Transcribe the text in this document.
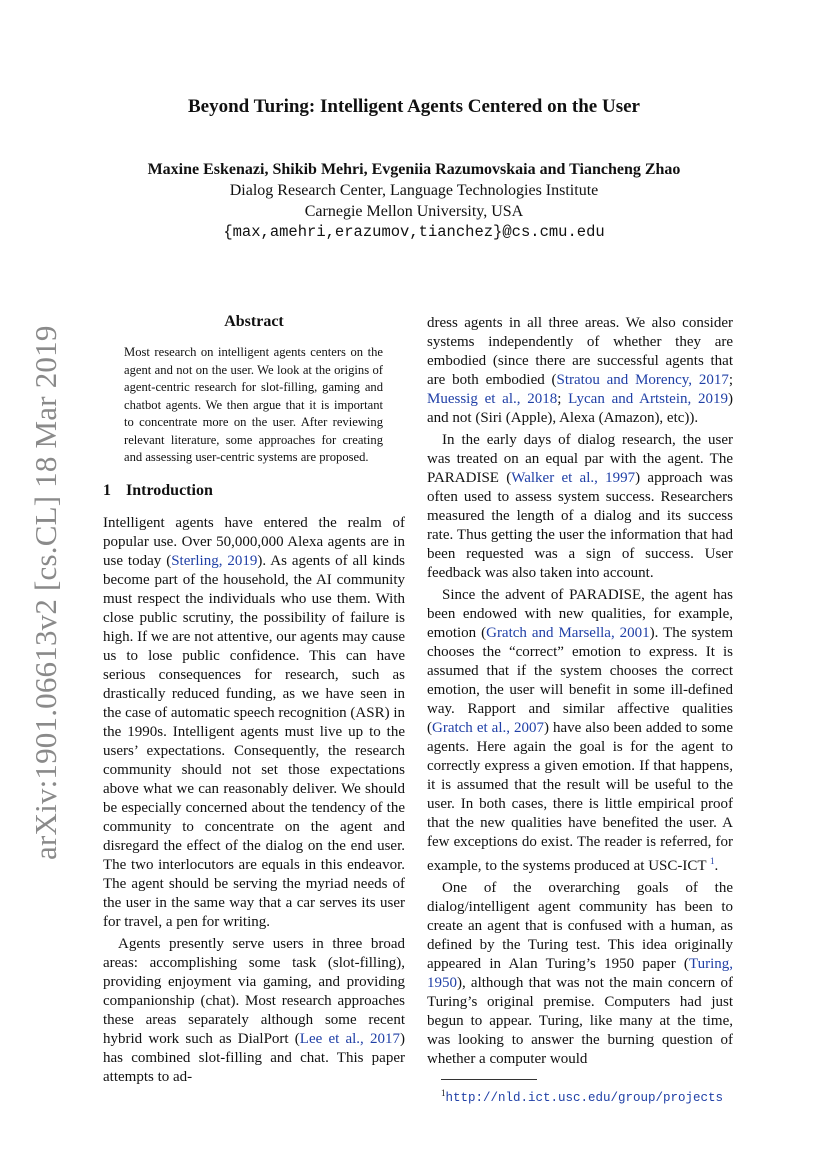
arXiv:1901.06613v2 [cs.CL] 18 Mar 2019
Beyond Turing: Intelligent Agents Centered on the User
Maxine Eskenazi, Shikib Mehri, Evgeniia Razumovskaia and Tiancheng Zhao
Dialog Research Center, Language Technologies Institute
Carnegie Mellon University, USA
{max,amehri,erazumov,tianchez}@cs.cmu.edu
Abstract
Most research on intelligent agents centers on the agent and not on the user. We look at the origins of agent-centric research for slot-filling, gaming and chatbot agents. We then argue that it is important to concentrate more on the user. After reviewing relevant literature, some approaches for creating and assessing user-centric systems are proposed.
1 Introduction

Intelligent agents have entered the realm of popular use. Over 50,000,000 Alexa agents are in use today (Sterling, 2019). As agents of all kinds become part of the household, the AI community must respect the individuals who use them. With close public scrutiny, the possibility of failure is high. If we are not attentive, our agents may cause us to lose public confidence. This can have serious consequences for research, such as drastically reduced funding, as we have seen in the case of automatic speech recognition (ASR) in the 1990s. Intelligent agents must live up to the users’ expectations. Consequently, the research community should not set those expectations above what we can reasonably deliver. We should be especially concerned about the tendency of the community to concentrate on the agent and disregard the effect of the dialog on the end user. The two interlocutors are equals in this endeavor. The agent should be serving the myriad needs of the user in the same way that a car serves its user for travel, a pen for writing.

Agents presently serve users in three broad areas: accomplishing some task (slot-filling), providing enjoyment via gaming, and providing companionship (chat). Most research approaches these areas separately although some recent hybrid work such as DialPort (Lee et al., 2017) has combined slot-filling and chat. This paper attempts to ad-

dress agents in all three areas. We also consider systems independently of whether they are embodied (since there are successful agents that are both embodied (Stratou and Morency, 2017; Muessig et al., 2018; Lycan and Artstein, 2019) and not (Siri (Apple), Alexa (Amazon), etc)).

In the early days of dialog research, the user was treated on an equal par with the agent. The PARADISE (Walker et al., 1997) approach was often used to assess system success. Researchers measured the length of a dialog and its success rate. Thus getting the user the information that had been requested was a sign of success. User feedback was also taken into account.

Since the advent of PARADISE, the agent has been endowed with new qualities, for example, emotion (Gratch and Marsella, 2001). The system chooses the “correct” emotion to express. It is assumed that if the system chooses the correct emotion, the user will benefit in some ill-defined way. Rapport and similar affective qualities (Gratch et al., 2007) have also been added to some agents. Here again the goal is for the agent to correctly express a given emotion. If that happens, it is assumed that the result will be useful to the user. In both cases, there is little empirical proof that the new qualities have benefited the user. A few exceptions do exist. The reader is referred, for example, to the systems produced at USC-ICT $^1$.

One of the overarching goals of the dialog/intelligent agent community has been to create an agent that is confused with a human, as defined by the Turing test. This idea originally appeared in Alan Turing’s 1950 paper (Turing, 1950), although that was not the main concern of Turing’s original premise. Computers had just begun to appear. Turing, like many at the time, was looking to answer the burning question of whether a computer would

$^1$http://nld.ict.usc.edu/group/projects
